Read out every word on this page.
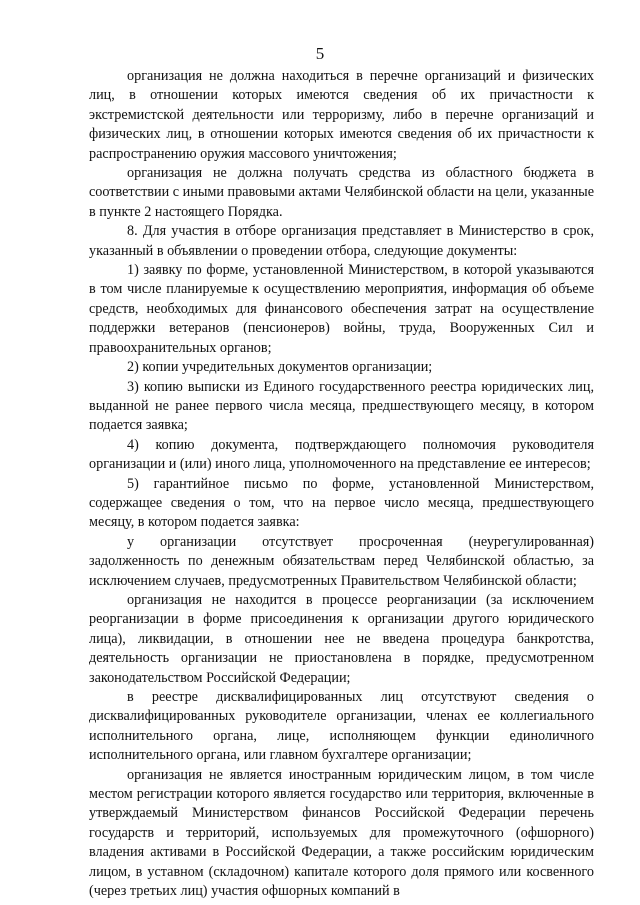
5

организация не должна находиться в перечне организаций и физических лиц, в отношении которых имеются сведения об их причастности к экстремистской деятельности или терроризму, либо в перечне организаций и физических лиц, в отношении которых имеются сведения об их причастности к распространению оружия массового уничтожения;

организация не должна получать средства из областного бюджета в соответствии с иными правовыми актами Челябинской области на цели, указанные в пункте 2 настоящего Порядка.

8. Для участия в отборе организация представляет в Министерство в срок, указанный в объявлении о проведении отбора, следующие документы:

1) заявку по форме, установленной Министерством, в которой указываются в том числе планируемые к осуществлению мероприятия, информация об объеме средств, необходимых для финансового обеспечения затрат на осуществление поддержки ветеранов (пенсионеров) войны, труда, Вооруженных Сил и правоохранительных органов;

2) копии учредительных документов организации;

3) копию выписки из Единого государственного реестра юридических лиц, выданной не ранее первого числа месяца, предшествующего месяцу, в котором подается заявка;

4) копию документа, подтверждающего полномочия руководителя организации и (или) иного лица, уполномоченного на представление ее интересов;

5) гарантийное письмо по форме, установленной Министерством, содержащее сведения о том, что на первое число месяца, предшествующего месяцу, в котором подается заявка:

у организации отсутствует просроченная (неурегулированная) задолженность по денежным обязательствам перед Челябинской областью, за исключением случаев, предусмотренных Правительством Челябинской области;

организация не находится в процессе реорганизации (за исключением реорганизации в форме присоединения к организации другого юридического лица), ликвидации, в отношении нее не введена процедура банкротства, деятельность организации не приостановлена в порядке, предусмотренном законодательством Российской Федерации;

в реестре дисквалифицированных лиц отсутствуют сведения о дисквалифицированных руководителе организации, членах ее коллегиального исполнительного органа, лице, исполняющем функции единоличного исполнительного органа, или главном бухгалтере организации;

организация не является иностранным юридическим лицом, в том числе местом регистрации которого является государство или территория, включенные в утверждаемый Министерством финансов Российской Федерации перечень государств и территорий, используемых для промежуточного (офшорного) владения активами в Российской Федерации, а также российским юридическим лицом, в уставном (складочном) капитале которого доля прямого или косвенного (через третьих лиц) участия офшорных компаний в
